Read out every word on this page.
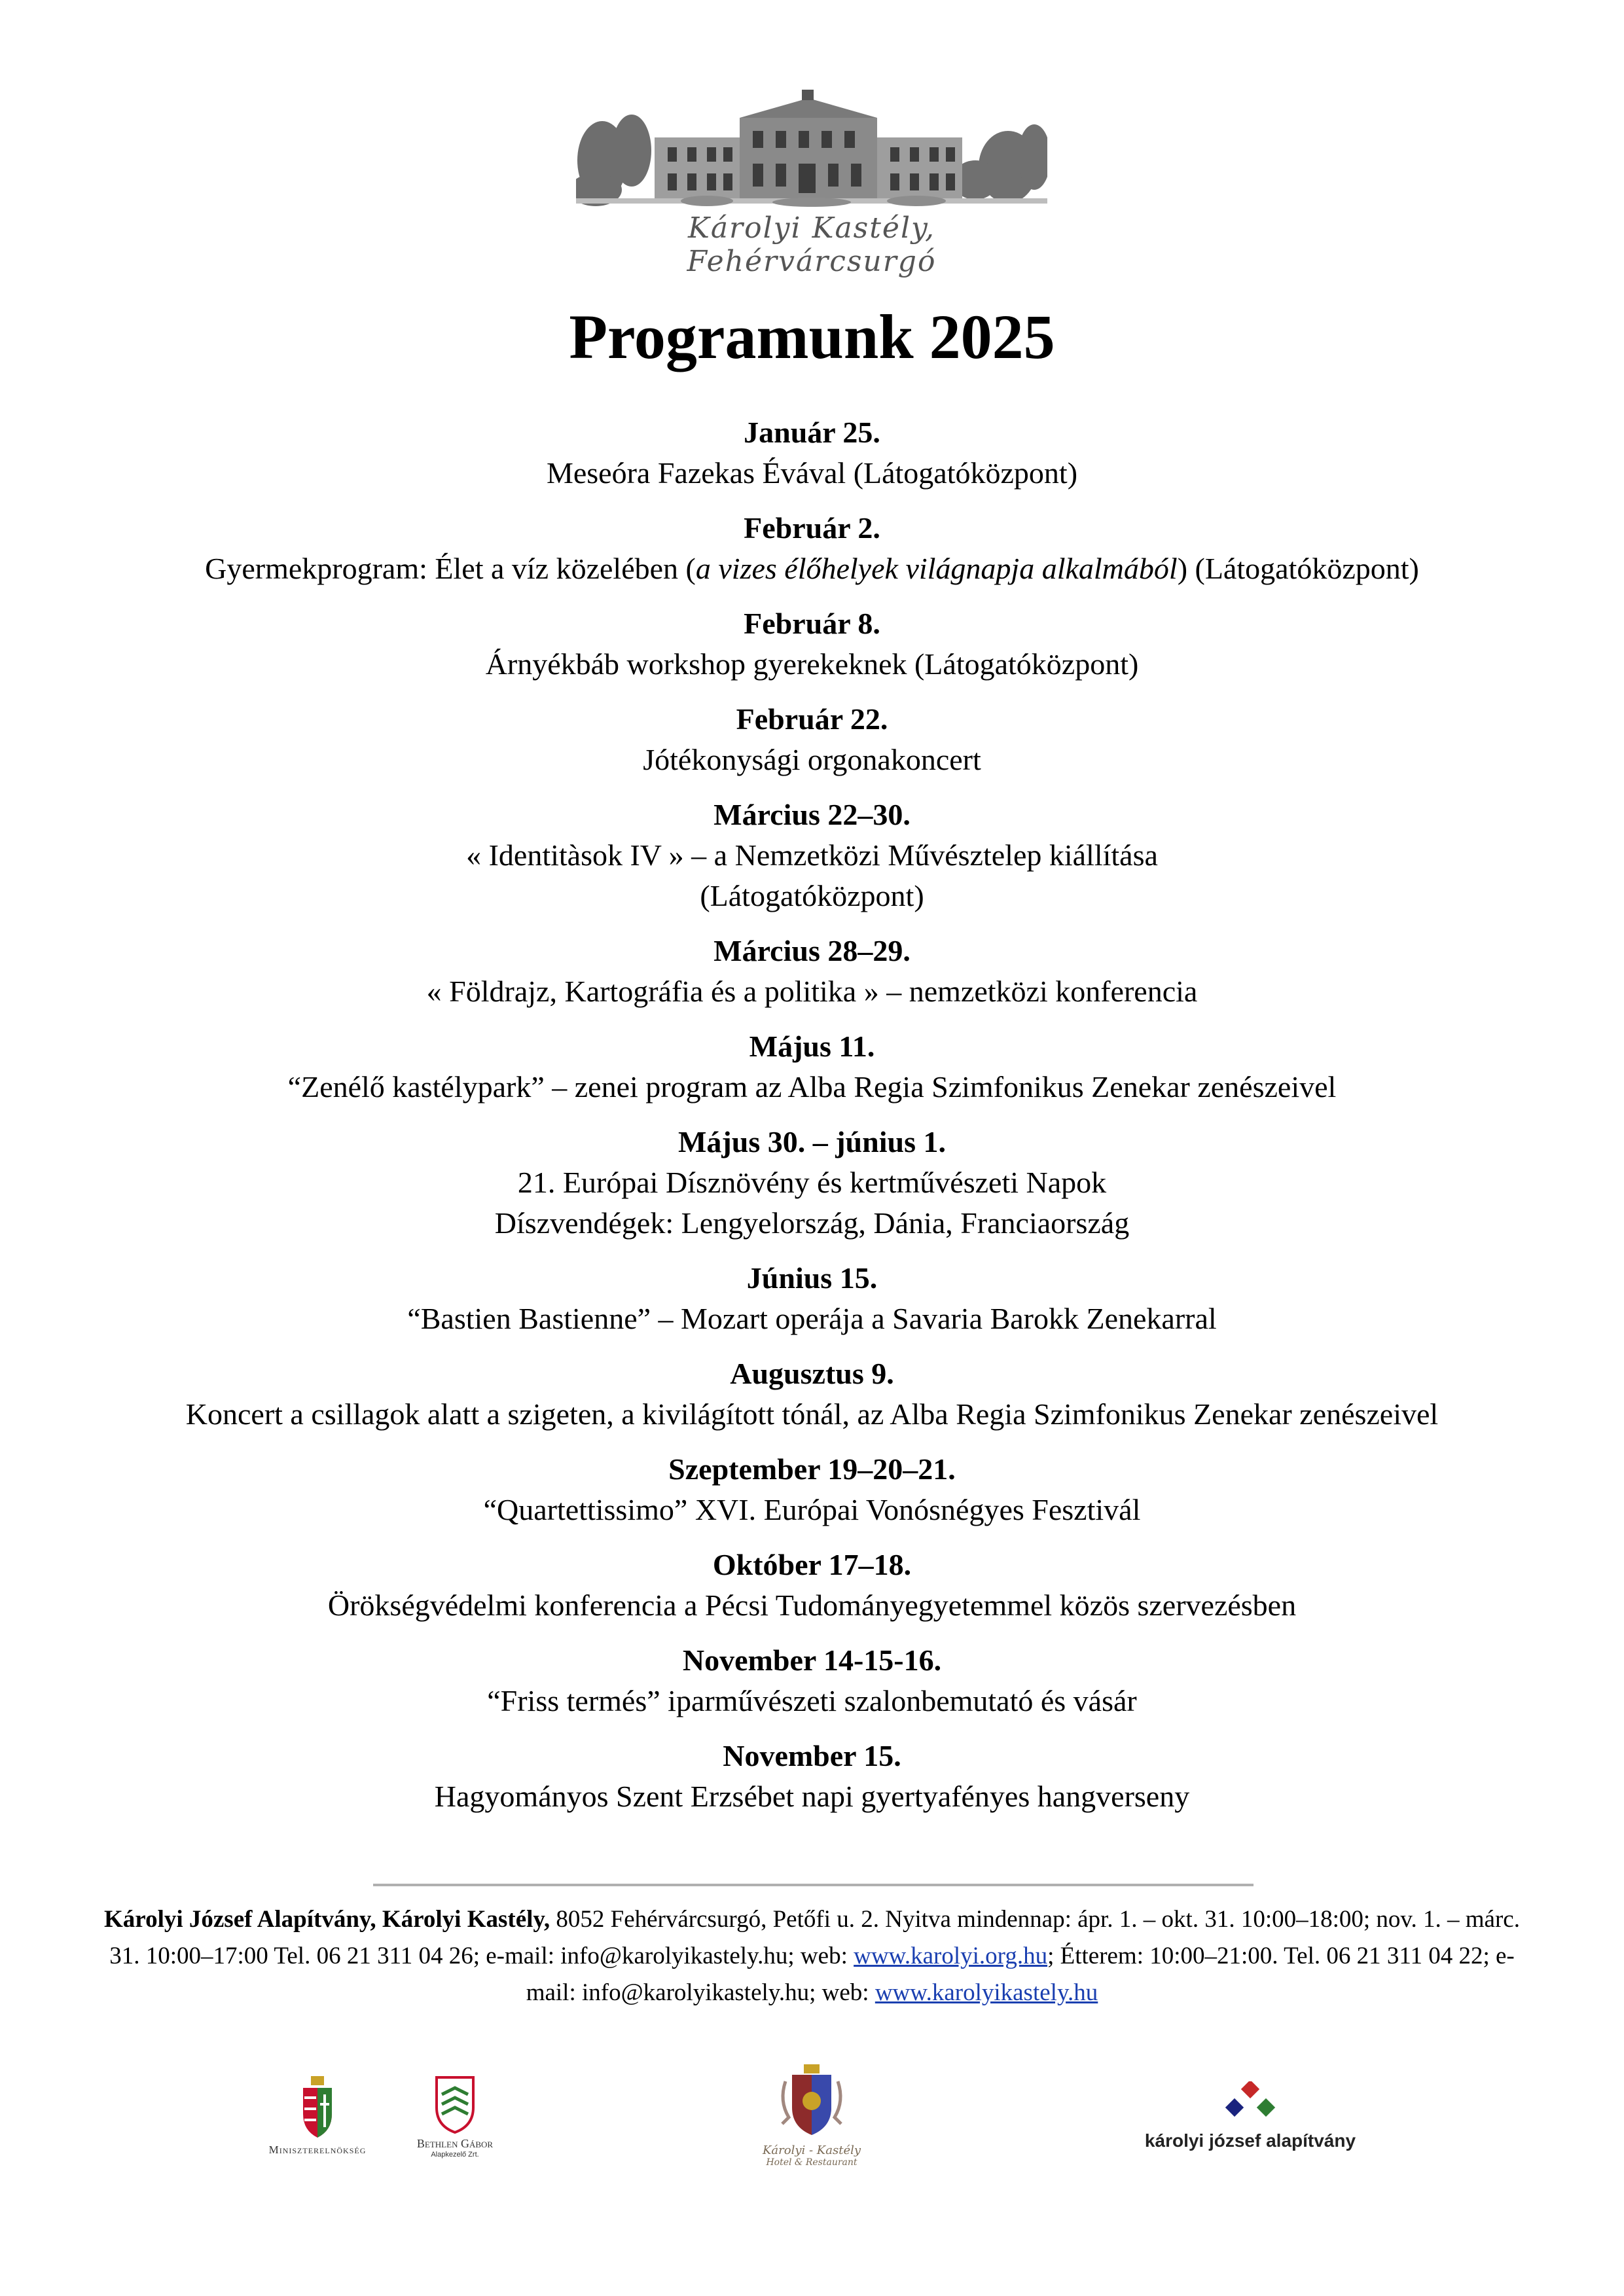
Károlyi Kastély, Fehérvárcsurgó
Programunk 2025
Január 25.
Meseóra Fazekas Évával (Látogatóközpont)
Február 2.
Gyermekprogram: Élet a víz közelében (a vizes élőhelyek világnapja alkalmából) (Látogatóközpont)
Február 8.
Árnyékbáb workshop gyerekeknek (Látogatóközpont)
Február 22.
Jótékonysági orgonakoncert
Március 22–30.
« Identitàsok IV » – a Nemzetközi Művésztelep kiállítása
(Látogatóközpont)
Március 28–29.
« Földrajz, Kartográfia és a politika » – nemzetközi konferencia
Május 11.
“Zenélő kastélypark” – zenei program az Alba Regia Szimfonikus Zenekar zenészeivel
Május 30. – június 1.
21. Európai Dísznövény és kertművészeti Napok
Díszvendégek: Lengyelország, Dánia, Franciaország
Június 15.
“Bastien Bastienne” – Mozart operája a Savaria Barokk Zenekarral
Augusztus 9.
Koncert a csillagok alatt a szigeten, a kivilágított tónál, az Alba Regia Szimfonikus Zenekar zenészeivel
Szeptember 19–20–21.
“Quartettissimo” XVI. Európai Vonósnégyes Fesztivál
Október 17–18.
Örökségvédelmi konferencia a Pécsi Tudományegyetemmel közös szervezésben
November 14-15-16.
“Friss termés” iparművészeti szalonbemutató és vásár
November 15.
Hagyományos Szent Erzsébet napi gyertyafényes hangverseny
Károlyi József Alapítvány, Károlyi Kastély, 8052 Fehérvárcsurgó, Petőfi u. 2. Nyitva mindennap: ápr. 1. – okt. 31. 10:00–18:00; nov. 1. – márc. 31. 10:00–17:00 Tel. 06 21 311 04 26; e-mail: info@karolyikastely.hu; web: www.karolyi.org.hu; Étterem: 10:00–21:00. Tel. 06 21 311 04 22; e-mail: info@karolyikastely.hu; web: www.karolyikastely.hu
Miniszterelnökség	Bethlen Gábor
Alapkezelő Zrt.	Károlyi - Kastély
Hotel & Restaurant
károlyi józsef alapítvány
